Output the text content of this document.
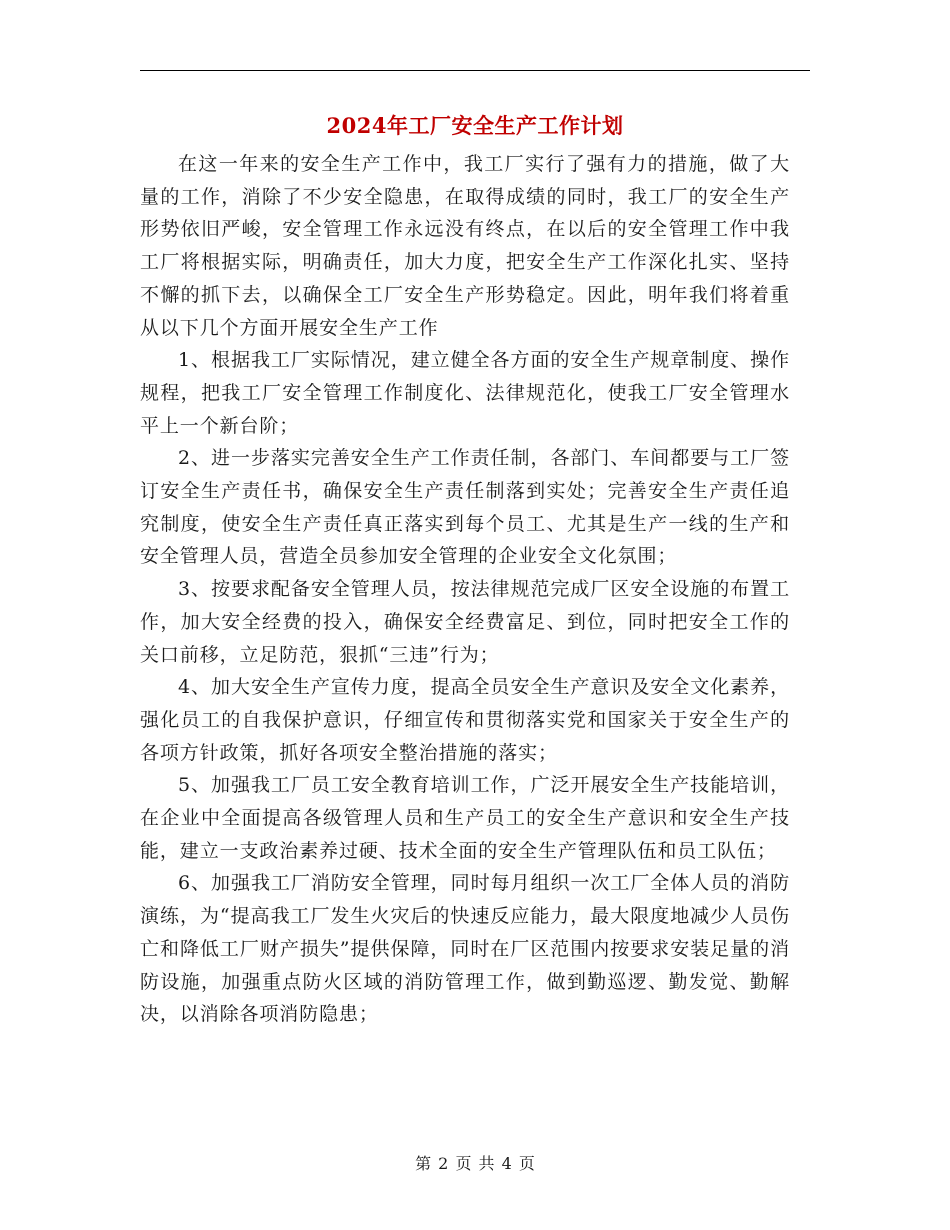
2024年工厂安全生产工作计划

在这一年来的安全生产工作中，我工厂实行了强有力的措施，做了大量的工作，消除了不少安全隐患，在取得成绩的同时，我工厂的安全生产形势依旧严峻，安全管理工作永远没有终点，在以后的安全管理工作中我工厂将根据实际，明确责任，加大力度，把安全生产工作深化扎实、坚持不懈的抓下去，以确保全工厂安全生产形势稳定。因此，明年我们将着重从以下几个方面开展安全生产工作

1、根据我工厂实际情况，建立健全各方面的安全生产规章制度、操作规程，把我工厂安全管理工作制度化、法律规范化，使我工厂安全管理水平上一个新台阶；

2、进一步落实完善安全生产工作责任制，各部门、车间都要与工厂签订安全生产责任书，确保安全生产责任制落到实处；完善安全生产责任追究制度，使安全生产责任真正落实到每个员工、尤其是生产一线的生产和安全管理人员，营造全员参加安全管理的企业安全文化氛围；

3、按要求配备安全管理人员，按法律规范完成厂区安全设施的布置工作，加大安全经费的投入，确保安全经费富足、到位，同时把安全工作的关口前移，立足防范，狠抓“三违”行为；

4、加大安全生产宣传力度，提高全员安全生产意识及安全文化素养，强化员工的自我保护意识，仔细宣传和贯彻落实党和国家关于安全生产的各项方针政策，抓好各项安全整治措施的落实；

5、加强我工厂员工安全教育培训工作，广泛开展安全生产技能培训，在企业中全面提高各级管理人员和生产员工的安全生产意识和安全生产技能，建立一支政治素养过硬、技术全面的安全生产管理队伍和员工队伍；

6、加强我工厂消防安全管理，同时每月组织一次工厂全体人员的消防演练，为“提高我工厂发生火灾后的快速反应能力，最大限度地减少人员伤亡和降低工厂财产损失”提供保障，同时在厂区范围内按要求安装足量的消防设施，加强重点防火区域的消防管理工作，做到勤巡逻、勤发觉、勤解决，以消除各项消防隐患；

第 2 页 共 4 页
